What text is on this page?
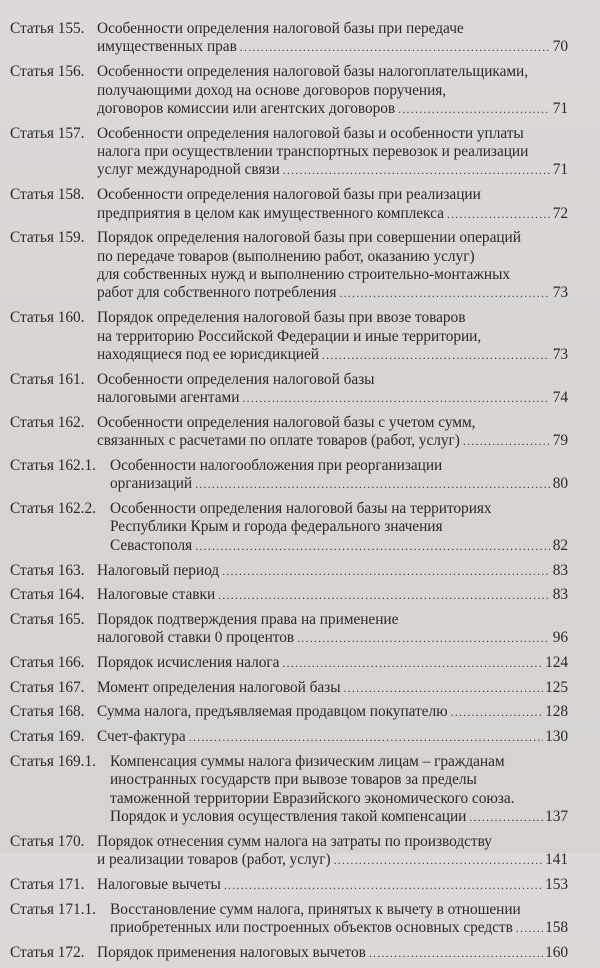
Статья 155. Особенности определения налоговой базы при передаче
имущественных прав .....	70
Статья 156. Особенности определения налоговой базы налогоплательщиками,
получающими доход на основе договоров поручения,
договоров комиссии или агентских договоров .....	71
Статья 157. Особенности определения налоговой базы и особенности уплаты
налога при осуществлении транспортных перевозок и реализации
услуг международной связи .....	71
Статья 158. Особенности определения налоговой базы при реализации
предприятия в целом как имущественного комплекса .....	72
Статья 159. Порядок определения налоговой базы при совершении операций
по передаче товаров (выполнению работ, оказанию услуг)
для собственных нужд и выполнению строительно-монтажных
работ для собственного потребления .....	73
Статья 160. Порядок определения налоговой базы при ввозе товаров
на территорию Российской Федерации и иные территории,
находящиеся под ее юрисдикцией .....	73
Статья 161. Особенности определения налоговой базы
налоговыми агентами .....	74
Статья 162. Особенности определения налоговой базы с учетом сумм,
связанных с расчетами по оплате товаров (работ, услуг) .....	79
Статья 162.1. Особенности налогообложения при реорганизации
организаций .....	80
Статья 162.2. Особенности определения налоговой базы на территориях
Республики Крым и города федерального значения
Севастополя .....	82
Статья 163. Налоговый период .....	83
Статья 164. Налоговые ставки .....	83
Статья 165. Порядок подтверждения права на применение
налоговой ставки 0 процентов .....	96
Статья 166. Порядок исчисления налога .....	124
Статья 167. Момент определения налоговой базы .....	125
Статья 168. Сумма налога, предъявляемая продавцом покупателю .....	128
Статья 169. Счет-фактура .....	130
Статья 169.1. Компенсация суммы налога физическим лицам – гражданам
иностранных государств при вывозе товаров за пределы
таможенной территории Евразийского экономического союза.
Порядок и условия осуществления такой компенсации .....	137
Статья 170. Порядок отнесения сумм налога на затраты по производству
и реализации товаров (работ, услуг) .....	141
Статья 171. Налоговые вычеты .....	153
Статья 171.1. Восстановление сумм налога, принятых к вычету в отношении
приобретенных или построенных объектов основных средств ..... 158
Статья 172. Порядок применения налоговых вычетов .....	160
